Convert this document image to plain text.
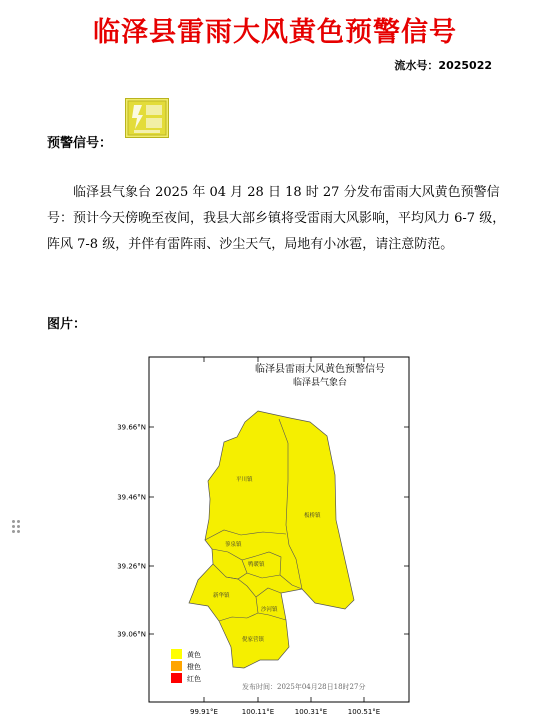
临泽县雷雨大风黄色预警信号
流水号：2025022
预警信号：
临泽县气象台 2025 年 04 月 28 日 18 时 27 分发布雷雨大风黄色预警信号：预计今天傍晚至夜间，我县大部乡镇将受雷雨大风影响，平均风力 6-7 级，阵风 7-8 级，并伴有雷阵雨、沙尘天气，局地有小冰雹，请注意防范。
图片：
临泽县雷雨大风黄色预警信号
临泽县气象台
平川镇
板桥镇
蓼泉镇
鸭暖镇
新华镇
沙河镇
倪家营镇
39.66°N
39.46°N
39.26°N
39.06°N
99.91°E	100.11°E	100.31°E	100.51°E
黄色
橙色
红色
发布时间：2025年04月28日18时27分
